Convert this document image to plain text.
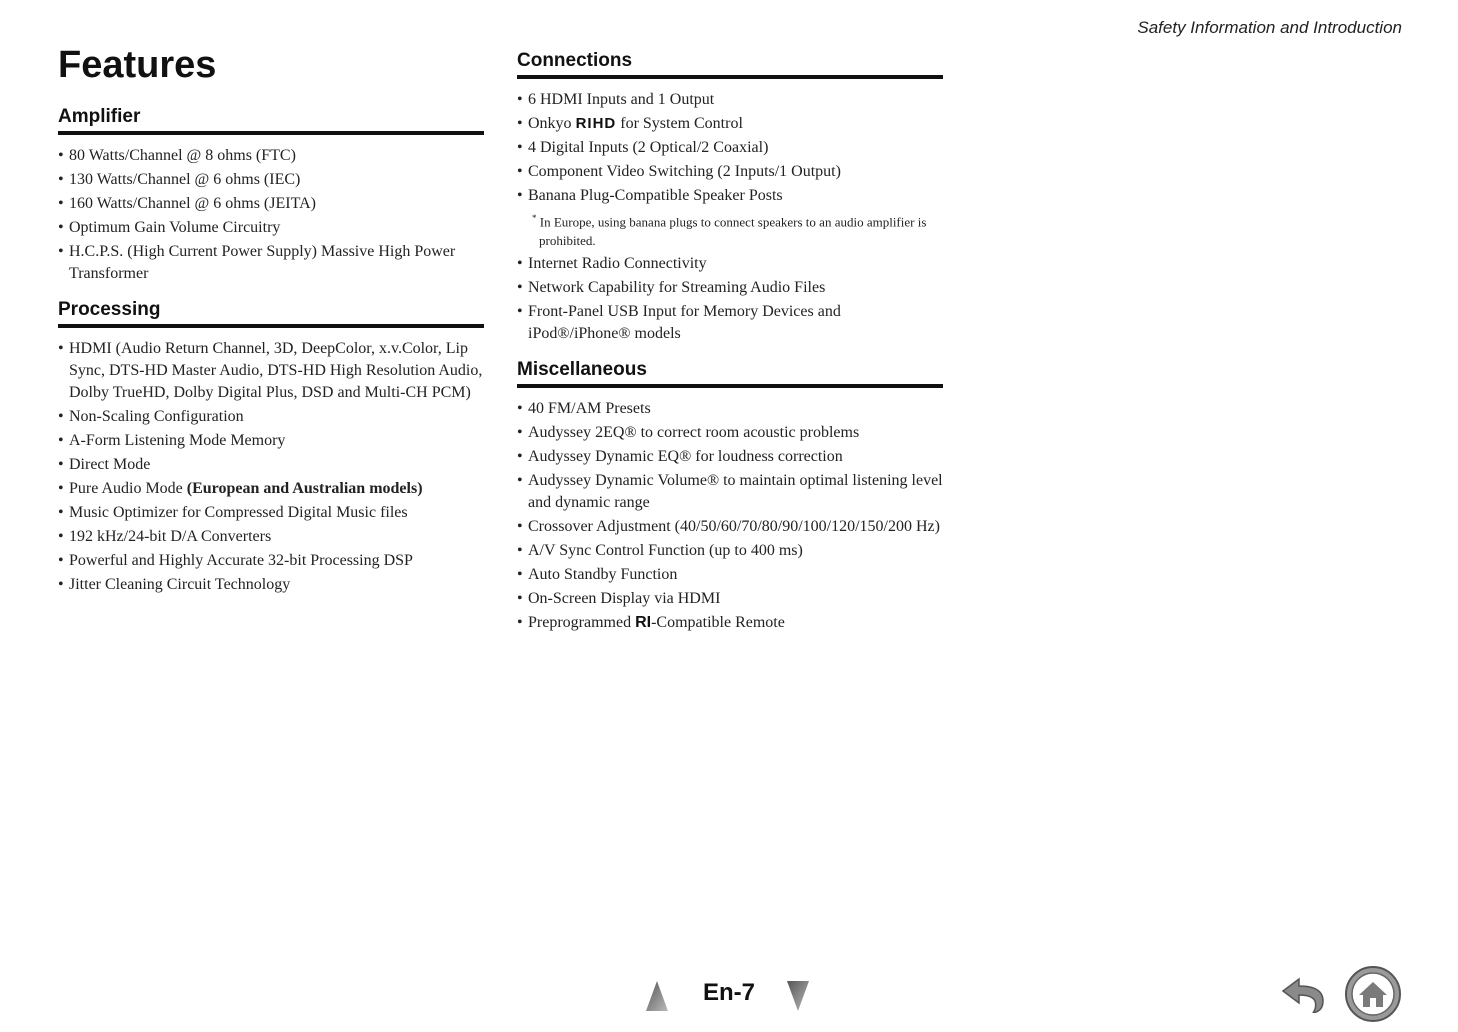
Safety Information and Introduction
Features
Amplifier
• 80 Watts/Channel @ 8 ohms (FTC)
• 130 Watts/Channel @ 6 ohms (IEC)
• 160 Watts/Channel @ 6 ohms (JEITA)
• Optimum Gain Volume Circuitry
• H.C.P.S. (High Current Power Supply) Massive High Power Transformer
Processing
• HDMI (Audio Return Channel, 3D, DeepColor, x.v.Color, Lip Sync, DTS-HD Master Audio, DTS-HD High Resolution Audio, Dolby TrueHD, Dolby Digital Plus, DSD and Multi-CH PCM)
• Non-Scaling Configuration
• A-Form Listening Mode Memory
• Direct Mode
• Pure Audio Mode (European and Australian models)
• Music Optimizer for Compressed Digital Music files
• 192 kHz/24-bit D/A Converters
• Powerful and Highly Accurate 32-bit Processing DSP
• Jitter Cleaning Circuit Technology
Connections
• 6 HDMI Inputs and 1 Output
• Onkyo RIHD for System Control
• 4 Digital Inputs (2 Optical/2 Coaxial)
• Component Video Switching (2 Inputs/1 Output)
• Banana Plug-Compatible Speaker Posts

* In Europe, using banana plugs to connect speakers to an audio amplifier is prohibited.

• Internet Radio Connectivity
• Network Capability for Streaming Audio Files
• Front-Panel USB Input for Memory Devices and iPod®/iPhone® models
Miscellaneous
• 40 FM/AM Presets
• Audyssey 2EQ® to correct room acoustic problems
• Audyssey Dynamic EQ® for loudness correction
• Audyssey Dynamic Volume® to maintain optimal listening level and dynamic range
• Crossover Adjustment (40/50/60/70/80/90/100/120/150/200 Hz)
• A/V Sync Control Function (up to 400 ms)
• Auto Standby Function
• On-Screen Display via HDMI
• Preprogrammed RI-Compatible Remote
En-7
